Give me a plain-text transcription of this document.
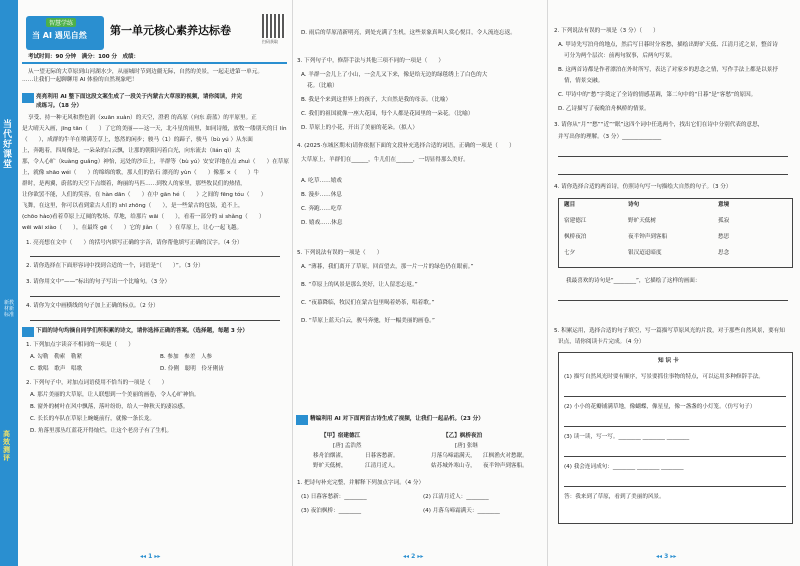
当代好课堂
新教材新标准
高效测评
智慧学练
当 AI 遇见自然 第一单元核心素养达标卷
扫码获取
考试时间：90 分钟　满分：100 分　成绩：
从一望无际的大草原到山河湖水少，从丽城时节到边疆无际，自然的美景，一起走进第一单元。
……让我们一起聊聊用 AI 体验的自然现象吧！
亮亮利用 AI 整下面这段文案生成了一段关于内蒙古大草原的视频，请你阅读，并完
成练习。（18 分）
享受、持一种无风和煦色润（xuān xuàn）的天空，澄碧 的高原（向东 蔚蓝）的平原里。正
是大晴天入画，jīng tān（　　）了它的美丽——这一天，北斗星的雨里，如同诗般，放牧一缕朋天的日 lín
（　　），成群的牛羊在喷满芳草上，悠然的闲步；骏马（1）的蹄子，骏马（bù yú ）从东面
上，奔跑着，四周像是，一朵朵的白云飘，让那的朝阳闪着白光，向东流去（lián qì）太
那，令人心旷（kuàng guǎng）神怡，远处的沙丘上，羊群等（bù yú）安安详地在点 zhuì（　　）在草原
上，就像 shāo wéi（　　）的绵绵的歌，那人们的钻石 漂亮的 yùn（　　）像那 ×（　　）牛
群时，是两翼，蔚蓝的天空下点缀着，绚丽的马匹……到牧人的家里，那些牧民们的热情，
让你欲罢不能，人们的笑容，在 hàn dān（　　）在中 gān hé（　　）之间的 fēng tóu（　　）
飞舞，在这里，你可以看到蒙古人们的 shī zhōng（　　），是一些蒙古的包装，追不上，
(chōo hào)看着草原上辽阔的牧场、草地，给那片 wāi（　　），看着一部分的 sì shǎng（　　）
wēi wāi xiào（　　），在最终 gē（　　）它的 jiǎn（　　）在草原上，让心一起飞越。
1. 亮亮想在文中（　　）的括号内填写正确的字音，请你帮他填写正确的汉字。（4 分）
2. 请你选择在下面形容词中找到合适的一个，词语是“（　　）”。（3 分）
3. 请你用文中“——”标出的句子写出一个比喻句。（3 分）
4. 请你为文中画横线的句子加上正确的标点。（2 分）
下面的诗句均摘自同学们所积累的诗文，请你选择正确的答案。（选择题，每题 3 分）
1. 下列加点字读音不相同的一项是（　　）
A. 勾勒　勒索　勒紧	B. 参加　参差　人参
C. 歌唱　歌声　唱歌	D. 伶俐　聪明　伶牙俐齿
2. 下列句子中，对加点词语使用不恰当的一项是（　　）
A. 那片美丽的大草原，让人联想到一个美丽的画卷，令人心旷神怡。
B. 窗外的树叶在风中飘落，落叶纷纷，给人一种秋天的凄凉感。
C. 长长的车队在草原上蜿蜒前行，就像一条长龙。
D. 角落里那丛红蓝花开得灿烂，让这个老房子有了生机。
◂◂ 1 ▸▸
D. 雨后的草原清新明亮，到处充满了生机，这些景象真叫人赏心悦目，令人流连忘返。
3. 下列句子中，修辞手法与其他三项不同的一项是（　　）
A. 羊群一会儿上了小山，一会儿又下来，像是给无边的绿毯绣上了白色的大
花。（比喻）
B. 我是个来到这世界上的孩子，大自然是我的母亲。（比喻）
C. 我们的祖国就像一座大花园，每个人都是花园里的一朵花。（比喻）
D. 草原上的小花，开出了美丽的花朵。（拟人）
4. (2025·东城区期末)请你依据下面的文段补充选择合适的词语，正确的一项是（　　）
大草原上，羊群们在______，牛儿们在______，一切显得那么美好。
A. 吃草……嬉戏
B. 漫步……休息
C. 奔跑……吃草
D. 嬉戏……休息
5. 下列说法有误的一项是（　　）
A. “薄暮，我们离开了草原，回首望去，那一片一片的绿色仍在眼前。”
B. “草原上的风景是那么美好，让人留恋忘返。”
C. “夜幕降临，牧民们在蒙古包里喝着奶茶，唱着歌。”
D. “草原上蓝天白云，骏马奔驰，好一幅美丽的画卷。”
精编利用 AI 对下面两首古诗生成了视频，让我们一起品析。（23 分）
【甲】宿建德江
[唐] 孟浩然
移舟泊烟渚，	日暮客愁新。
野旷天低树，	江清月近人。
【乙】枫桥夜泊
[唐] 张继
月落乌啼霜满天， 江枫渔火对愁眠。
姑苏城外寒山寺， 夜半钟声到客船。
1. 把诗句补充完整，并解释下列加点字词。（4 分）
(1) 日暮客愁新：________	(2) 江清月近人：________
(3) 夜泊枫桥：________	(4) 月落乌啼霜满天：________
◂◂ 2 ▸▸
2. 下列说法有误的一项是（3 分）（　　）
A. 甲诗先写泊舟的地点，然后写日暮时分客愁，描绘出野旷天低、江清月近之景，整首诗
可分为两个层次：前两句叙事，后两句写景。
B. 这两首诗都是作者漂泊在外时所写，表达了对家乡的思念之情，写作手法上都是以景抒
情，情景交融。
C. 甲诗中的“愁”字奠定了全诗的情感基调，第二句中的“日暮”是“客愁”的原因。
D. 乙诗描写了夜晚泊舟枫桥的情景。
3. 请你从“月”“愁”“近”“眠”这四个词中任选两个，找出它们在诗中分别代表的意思，
并写出你的理解。（3 分）______________
4. 请你选择合适的两首诗，仿照诗句写一句描绘大自然的句子。（3 分）
题目	诗句	意境
宿建德江	野旷天低树	孤寂
枫桥夜泊	夜半钟声到客船	愁思
七夕	银汉迢迢暗度	思念
我最喜欢的诗句是“________”，它描绘了这样的画面：
5. 积累运用，选择合适的句子填空，写一篇描写草原风光的片段，对于那些自然风景，要有知
识点，请你阅读卡片完成。（4 分）
知 识 卡
(1) 描写自然风光时要有顺序，写景要抓住事物的特点，可以运用多种修辞手法。
(2) 小小的花瓣铺满草地，像蝴蝶，像星星，像一盏盏的小灯笼。（仿写句子）
(3) 读一读，写一写。________ ________ ________
(4) 我会连词成句：________ ________ ________
答：我来到了草原，看到了美丽的风景。
◂◂ 3 ▸▸
